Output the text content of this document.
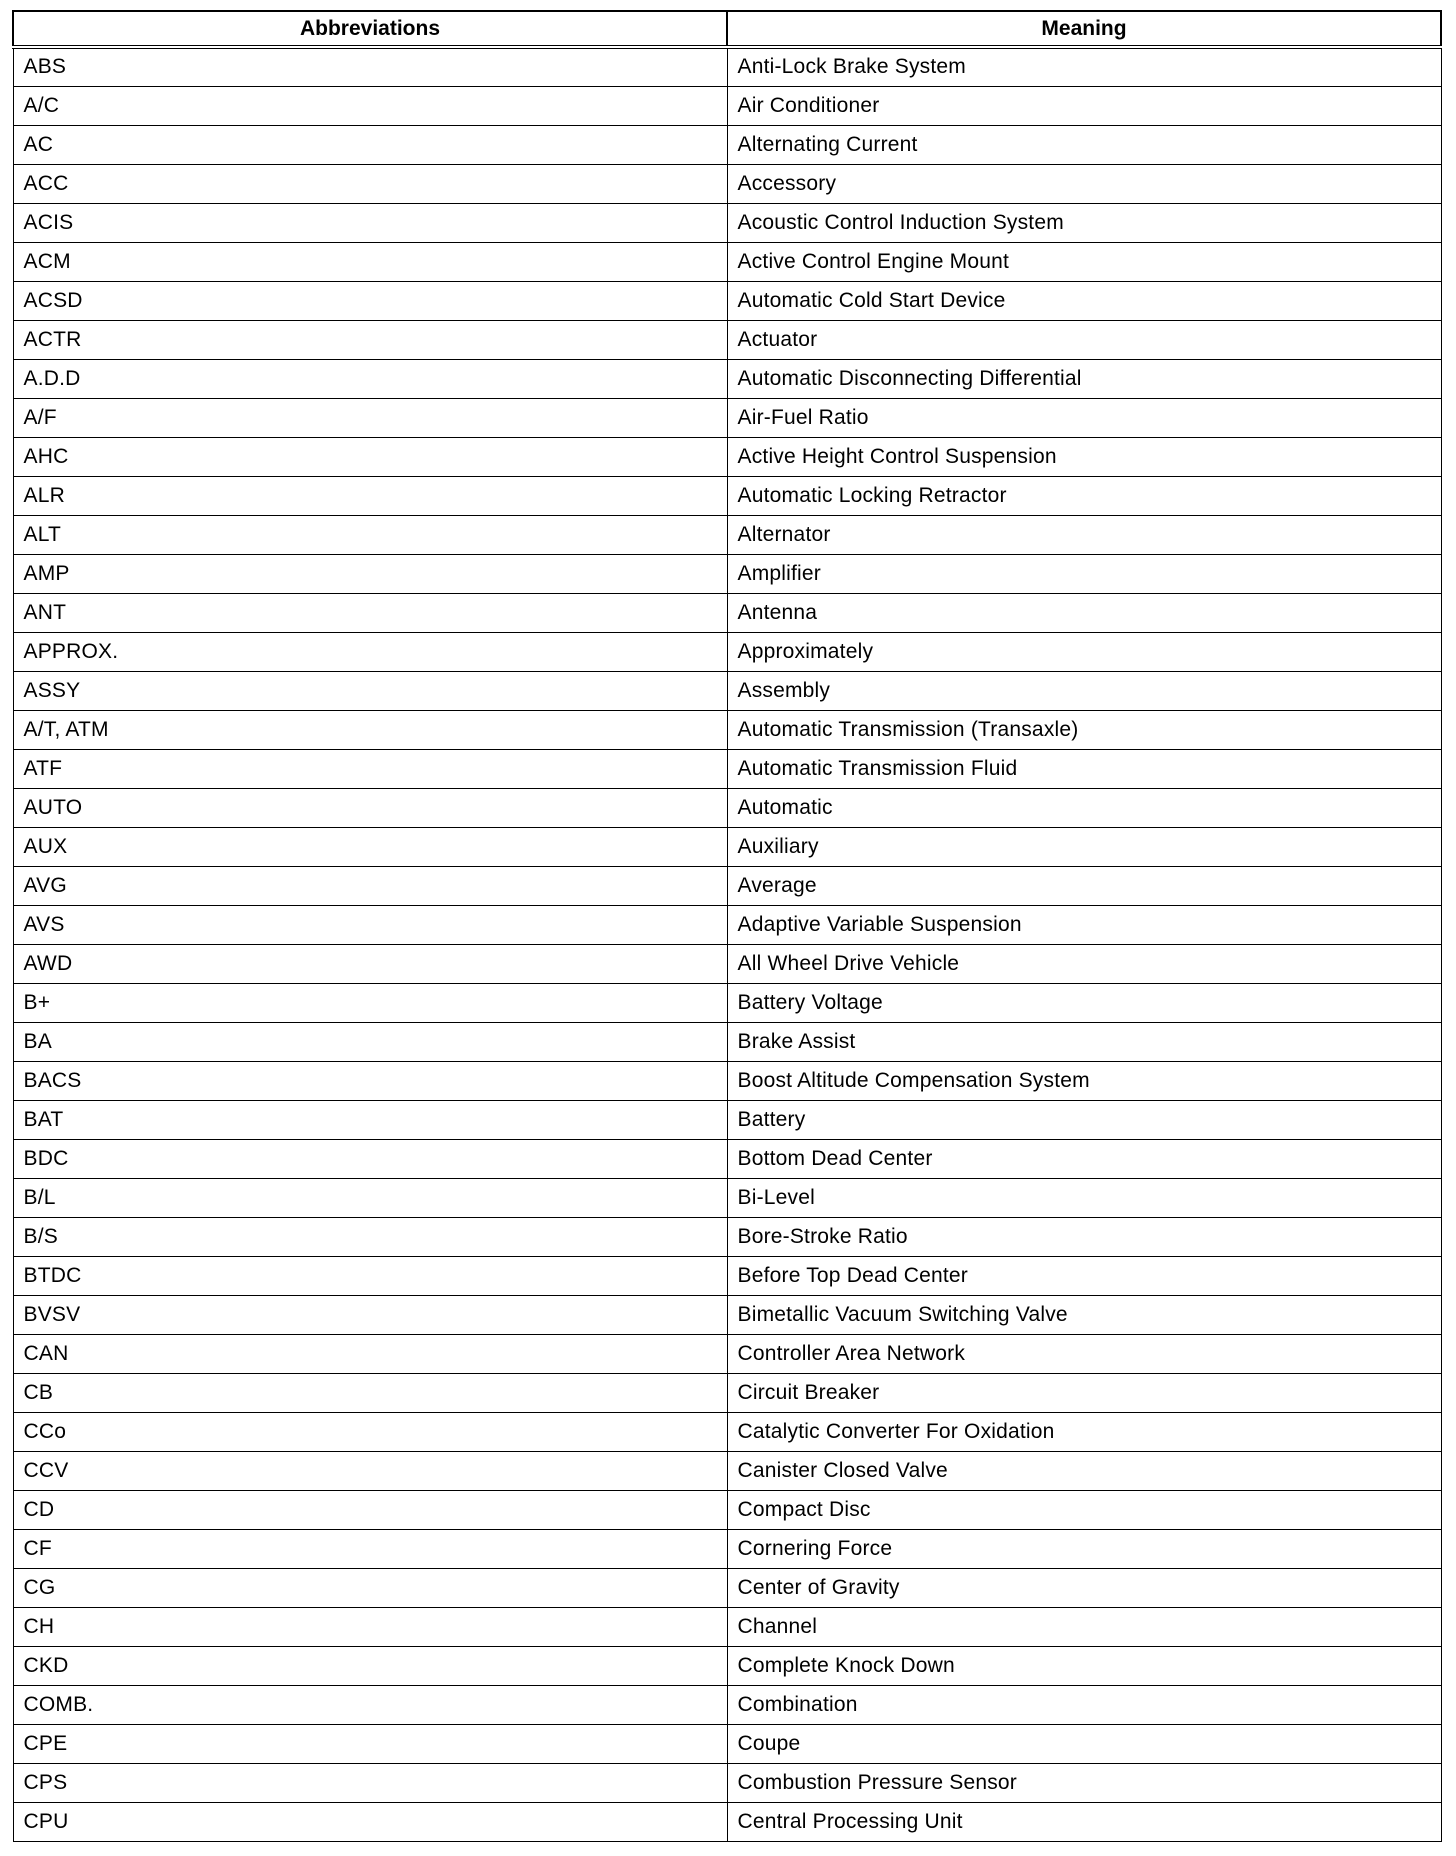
Abbreviations	Meaning
ABS	Anti-Lock Brake System
A/C	Air Conditioner
AC	Alternating Current
ACC	Accessory
ACIS	Acoustic Control Induction System
ACM	Active Control Engine Mount
ACSD	Automatic Cold Start Device
ACTR	Actuator
A.D.D	Automatic Disconnecting Differential
A/F	Air-Fuel Ratio
AHC	Active Height Control Suspension
ALR	Automatic Locking Retractor
ALT	Alternator
AMP	Amplifier
ANT	Antenna
APPROX.	Approximately
ASSY	Assembly
A/T, ATM	Automatic Transmission (Transaxle)
ATF	Automatic Transmission Fluid
AUTO	Automatic
AUX	Auxiliary
AVG	Average
AVS	Adaptive Variable Suspension
AWD	All Wheel Drive Vehicle
B+	Battery Voltage
BA	Brake Assist
BACS	Boost Altitude Compensation System
BAT	Battery
BDC	Bottom Dead Center
B/L	Bi-Level
B/S	Bore-Stroke Ratio
BTDC	Before Top Dead Center
BVSV	Bimetallic Vacuum Switching Valve
CAN	Controller Area Network
CB	Circuit Breaker
CCo	Catalytic Converter For Oxidation
CCV	Canister Closed Valve
CD	Compact Disc
CF	Cornering Force
CG	Center of Gravity
CH	Channel
CKD	Complete Knock Down
COMB.	Combination
CPE	Coupe
CPS	Combustion Pressure Sensor
CPU	Central Processing Unit
